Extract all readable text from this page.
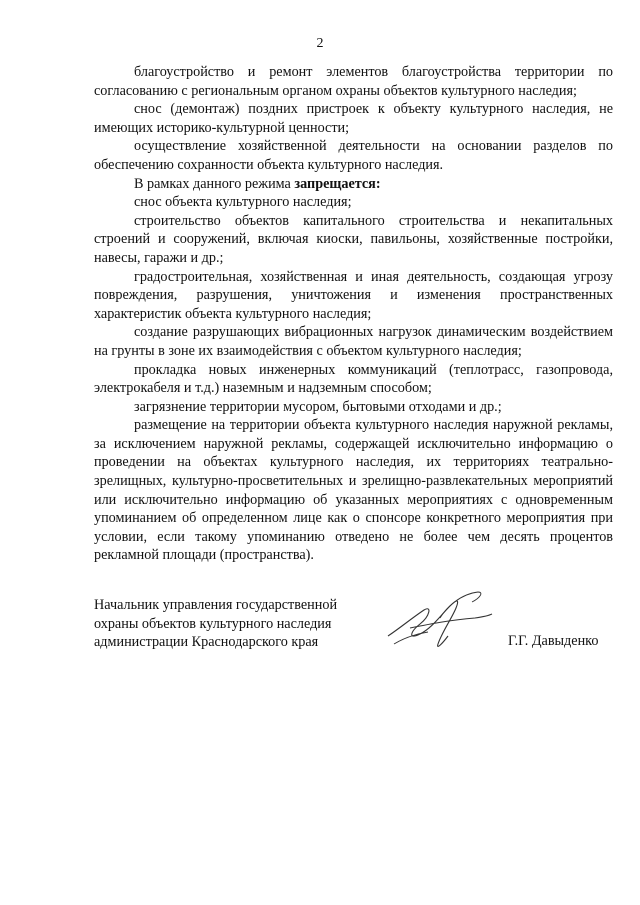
2

благоустройство и ремонт элементов благоустройства территории по согласованию с региональным органом охраны объектов культурного наследия;

снос (демонтаж) поздних пристроек к объекту культурного наследия, не имеющих историко-культурной ценности;

осуществление хозяйственной деятельности на основании разделов по обеспечению сохранности объекта культурного наследия.

В рамках данного режима запрещается:

снос объекта культурного наследия;

строительство объектов капитального строительства и некапитальных строений и сооружений, включая киоски, павильоны, хозяйственные постройки, навесы, гаражи и др.;

градостроительная, хозяйственная и иная деятельность, создающая угрозу повреждения, разрушения, уничтожения и изменения пространственных характеристик объекта культурного наследия;

создание разрушающих вибрационных нагрузок динамическим воздействием на грунты в зоне их взаимодействия с объектом культурного наследия;

прокладка новых инженерных коммуникаций (теплотрасс, газопровода, электрокабеля и т.д.) наземным и надземным способом;

загрязнение территории мусором, бытовыми отходами и др.;

размещение на территории объекта культурного наследия наружной рекламы, за исключением наружной рекламы, содержащей исключительно информацию о проведении на объектах культурного наследия, их территориях театрально-зрелищных, культурно-просветительных и зрелищно-развлекательных мероприятий или исключительно информацию об указанных мероприятиях с одновременным упоминанием об определенном лице как о спонсоре конкретного мероприятия при условии, если такому упоминанию отведено не более чем десять процентов рекламной площади (пространства).

Начальник управления государственной
охраны объектов культурного наследия
администрации Краснодарского края	Г.Г. Давыденко
